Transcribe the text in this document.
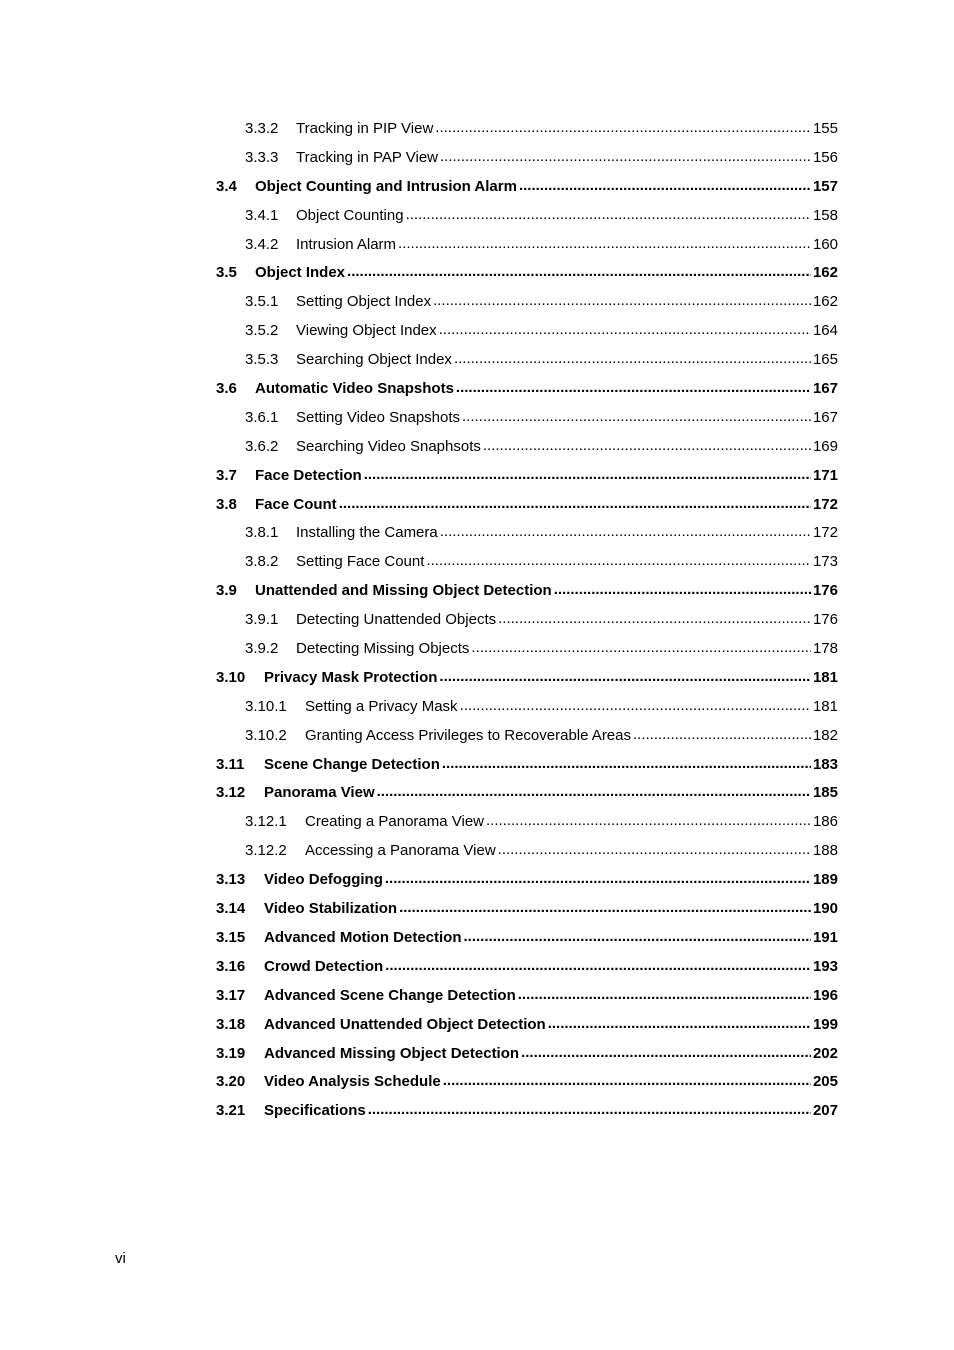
3.3.2	Tracking in PIP View .....	155
3.3.3	Tracking in PAP View .....	156
3.4	Object Counting and Intrusion Alarm .....	157
3.4.1	Object Counting .....	158
3.4.2	Intrusion Alarm .....	160
3.5	Object Index .....	162
3.5.1	Setting Object Index .....	162
3.5.2	Viewing Object Index .....	164
3.5.3	Searching Object Index .....	165
3.6	Automatic Video Snapshots .....	167
3.6.1	Setting Video Snapshots .....	167
3.6.2	Searching Video Snaphsots .....	169
3.7	Face Detection .....	171
3.8	Face Count .....	172
3.8.1	Installing the Camera .....	172
3.8.2	Setting Face Count .....	173
3.9	Unattended and Missing Object Detection .....	176
3.9.1	Detecting Unattended Objects .....	176
3.9.2	Detecting Missing Objects .....	178
3.10	Privacy Mask Protection .....	181
3.10.1	Setting a Privacy Mask .....	181
3.10.2	Granting Access Privileges to Recoverable Areas .....	182
3.11	Scene Change Detection .....	183
3.12	Panorama View .....	185
3.12.1	Creating a Panorama View .....	186
3.12.2	Accessing a Panorama View .....	188
3.13	Video Defogging .....	189
3.14	Video Stabilization .....	190
3.15	Advanced Motion Detection .....	191
3.16	Crowd Detection .....	193
3.17	Advanced Scene Change Detection .....	196
3.18	Advanced Unattended Object Detection .....	199
3.19	Advanced Missing Object Detection .....	202
3.20	Video Analysis Schedule .....	205
3.21	Specifications .....	207
vi
